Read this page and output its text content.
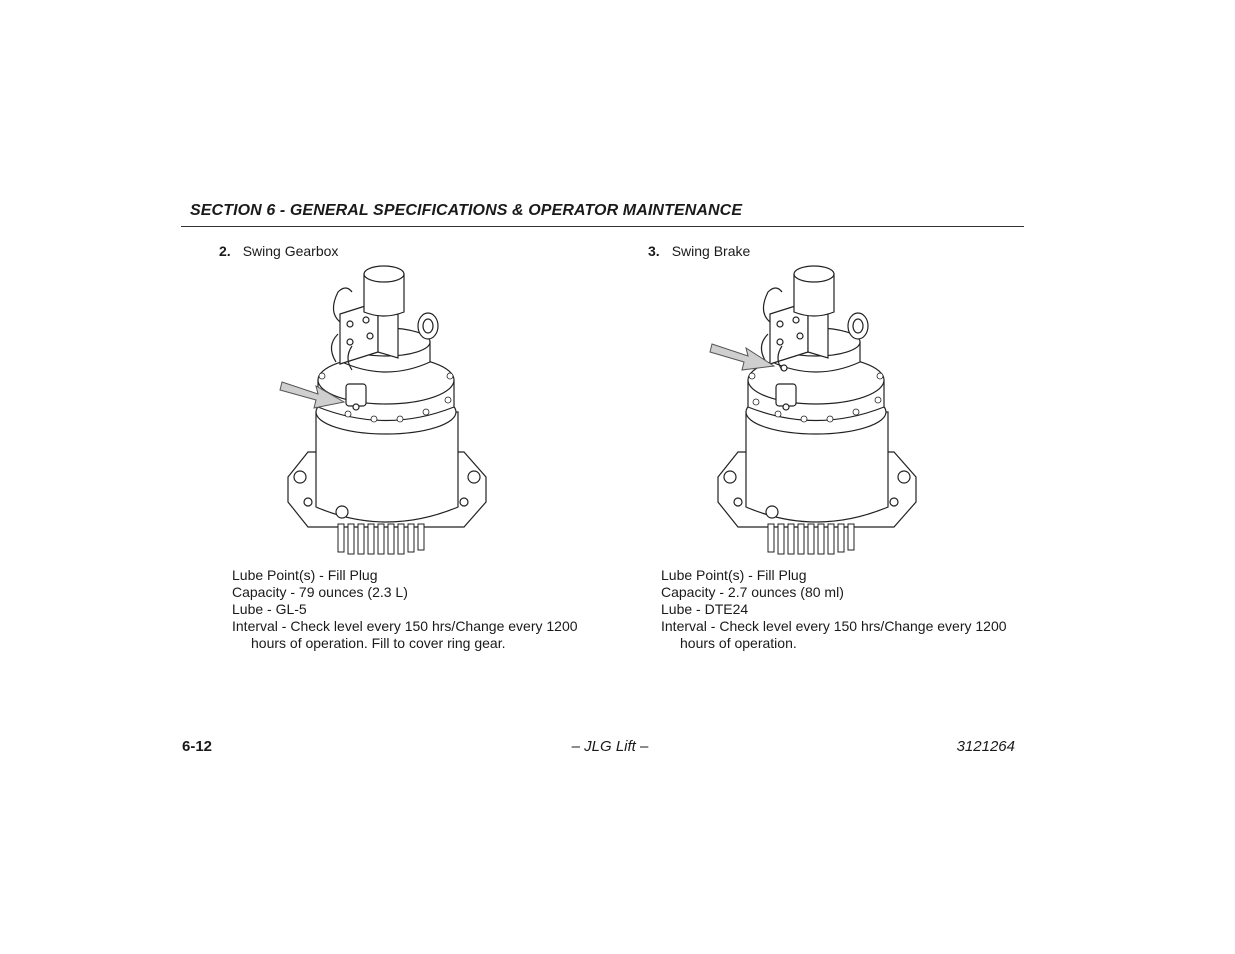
SECTION 6 - GENERAL SPECIFICATIONS & OPERATOR MAINTENANCE
2. Swing Gearbox
Lube Point(s) - Fill Plug
Capacity - 79 ounces (2.3 L)
Lube - GL-5
Interval - Check level every 150 hrs/Change every 1200
hours of operation. Fill to cover ring gear.
3. Swing Brake
Lube Point(s) - Fill Plug
Capacity - 2.7 ounces (80 ml)
Lube - DTE24
Interval - Check level every 150 hrs/Change every 1200
hours of operation.
6-12	– JLG Lift –	3121264
